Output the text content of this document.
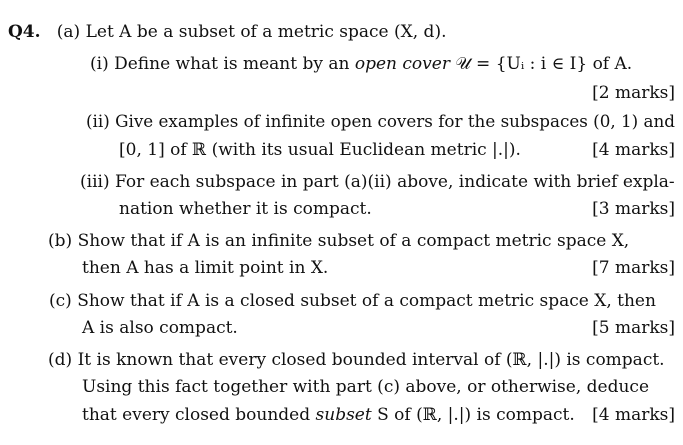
Q4. (a) Let A be a subset of a metric space (X, d).
(i) Define what is meant by an open cover 𝒰 = {Uᵢ : i ∈ I} of A.
[2 marks]
(ii) Give examples of infinite open covers for the subspaces (0, 1) and
[0, 1] of ℝ (with its usual Euclidean metric |.|).	[4 marks]
(iii) For each subspace in part (a)(ii) above, indicate with brief expla-
nation whether it is compact.	[3 marks]
(b) Show that if A is an infinite subset of a compact metric space X,
then A has a limit point in X.	[7 marks]
(c) Show that if A is a closed subset of a compact metric space X, then
A is also compact.	[5 marks]
(d) It is known that every closed bounded interval of (ℝ, |.|) is compact.
Using this fact together with part (c) above, or otherwise, deduce
that every closed bounded subset S of (ℝ, |.|) is compact. [4 marks]
